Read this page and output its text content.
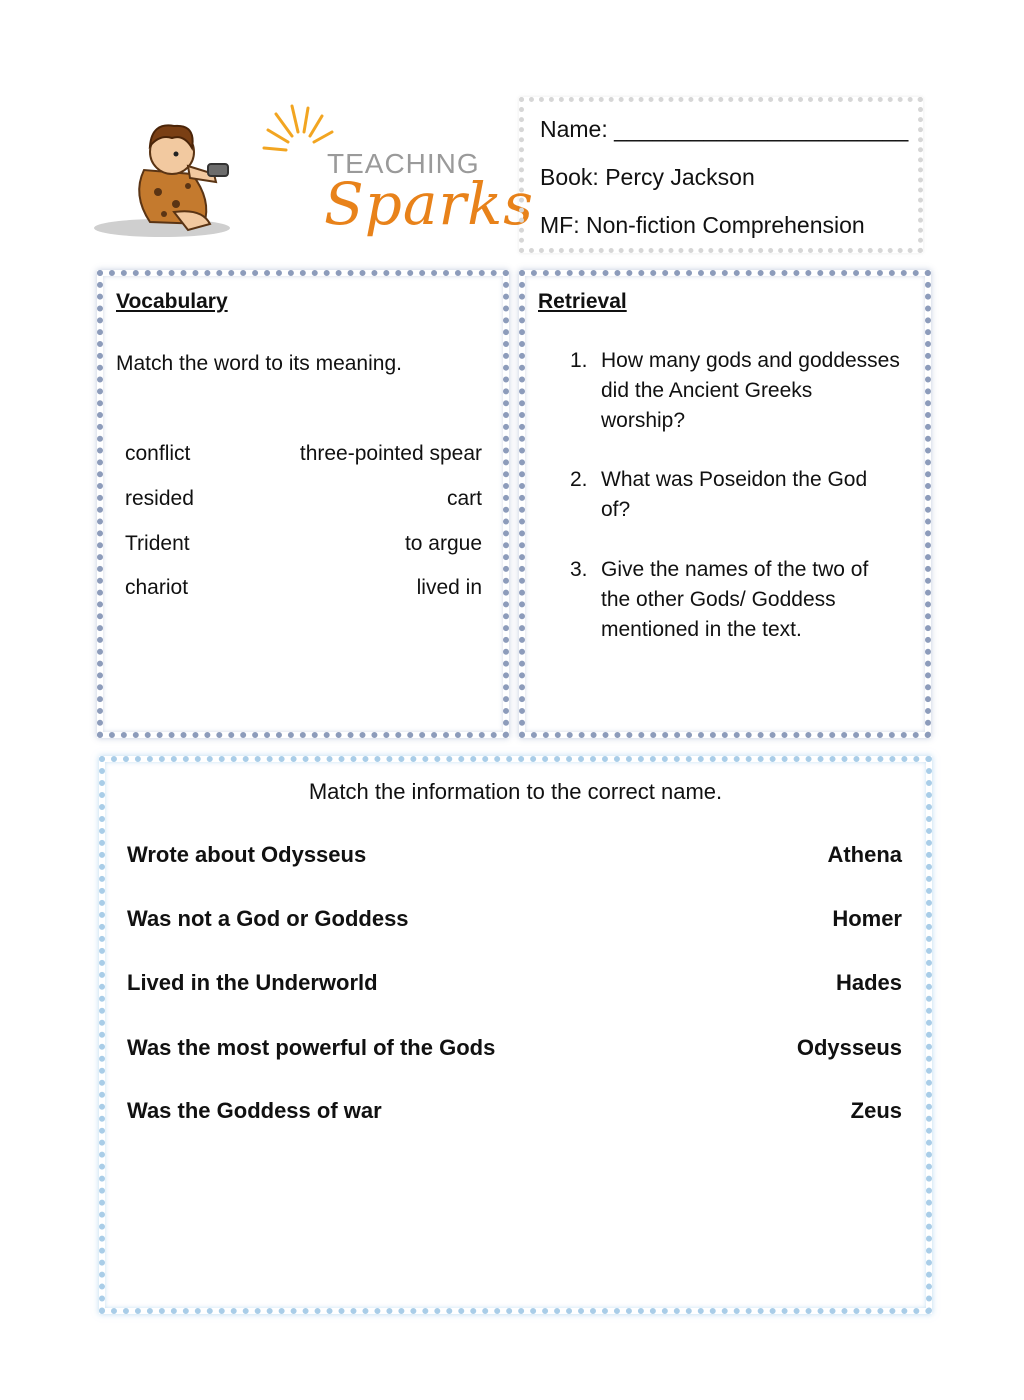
TEACHING
Sparks
Name: _______________________
Book: Percy Jackson
MF: Non-fiction Comprehension
Vocabulary
Match the word to its meaning.
conflict
resided
Trident
chariot
three-pointed spear
cart
to argue
lived in
Retrieval
1. How many gods and goddesses did the Ancient Greeks worship?
2. What was Poseidon the God of?
3. Give the names of the two of the other Gods/ Goddess mentioned in the text.
Match the information to the correct name.
Wrote about Odysseus
Was not a God or Goddess
Lived in the Underworld
Was the most powerful of the Gods
Was the Goddess of war
Athena
Homer
Hades
Odysseus
Zeus
